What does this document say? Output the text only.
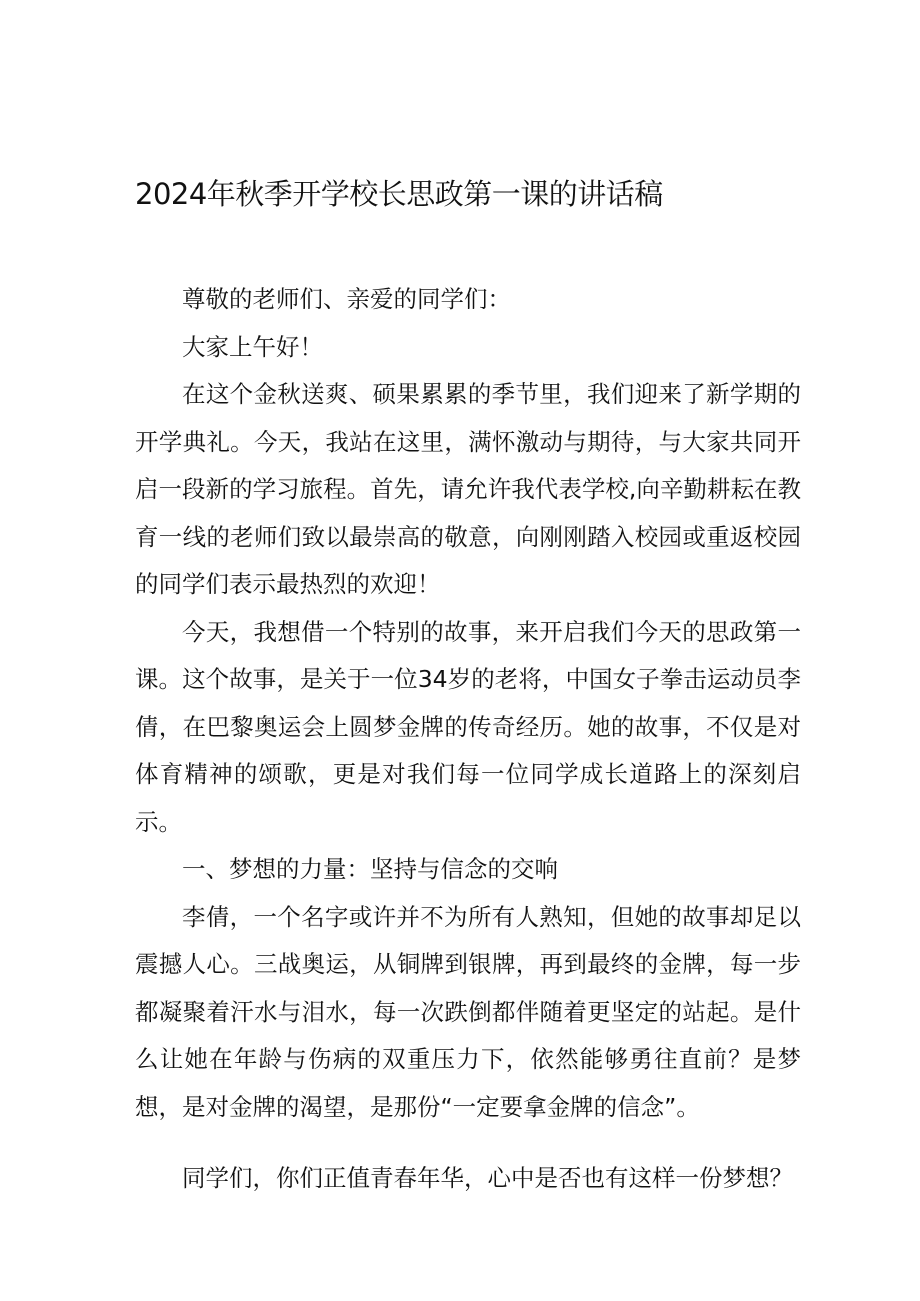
2024年秋季开学校长思政第一课的讲话稿

尊敬的老师们、亲爱的同学们：

大家上午好！

在这个金秋送爽、硕果累累的季节里，我们迎来了新学期的开学典礼。今天，我站在这里，满怀激动与期待，与大家共同开启一段新的学习旅程。首先，请允许我代表学校,向辛勤耕耘在教育一线的老师们致以最崇高的敬意，向刚刚踏入校园或重返校园的同学们表示最热烈的欢迎！

今天，我想借一个特别的故事，来开启我们今天的思政第一课。这个故事，是关于一位34岁的老将，中国女子拳击运动员李倩，在巴黎奥运会上圆梦金牌的传奇经历。她的故事，不仅是对体育精神的颂歌，更是对我们每一位同学成长道路上的深刻启示。

一、梦想的力量：坚持与信念的交响

李倩，一个名字或许并不为所有人熟知，但她的故事却足以震撼人心。三战奥运，从铜牌到银牌，再到最终的金牌，每一步都凝聚着汗水与泪水，每一次跌倒都伴随着更坚定的站起。是什么让她在年龄与伤病的双重压力下，依然能够勇往直前？是梦想，是对金牌的渴望，是那份“一定要拿金牌的信念”。

同学们，你们正值青春年华，心中是否也有这样一份梦想？
